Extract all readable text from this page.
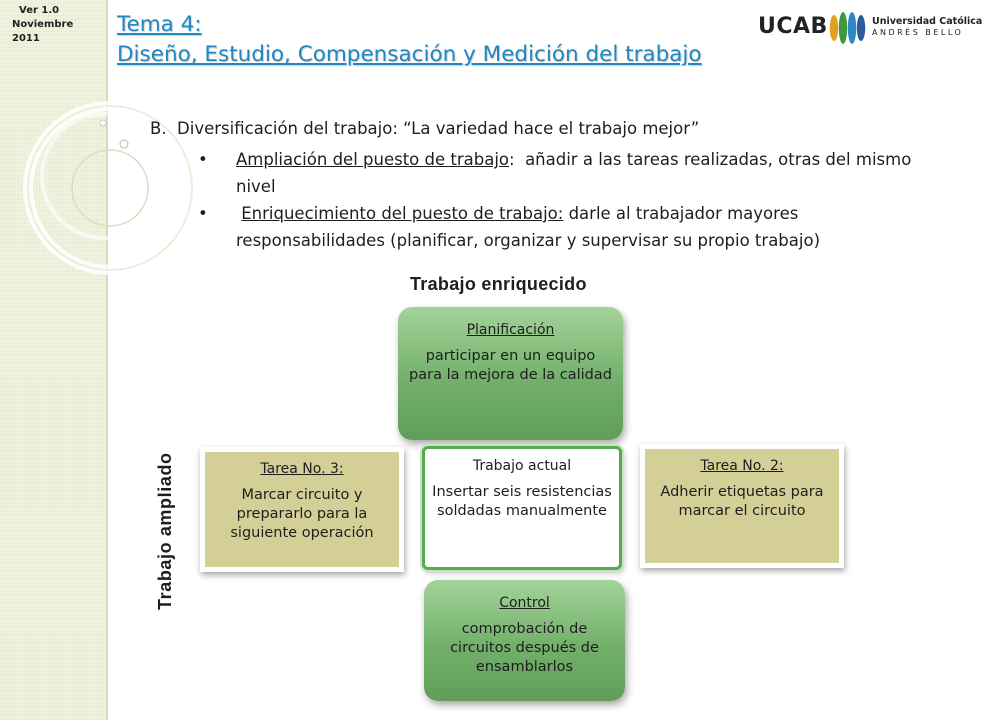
Ver 1.0
Noviembre
2011
Tema 4:
Diseño, Estudio, Compensación y Medición del trabajo
UCAB	Universidad Católica
ANDRÉS BELLO
B.  Diversificación del trabajo: “La variedad hace el trabajo mejor”
• Ampliación del puesto de trabajo:  añadir a las tareas realizadas, otras del mismo nivel
• Enriquecimiento del puesto de trabajo: darle al trabajador mayores responsabilidades (planificar, organizar y supervisar su propio trabajo)
Trabajo enriquecido
Trabajo ampliado
Planificación
participar en un equipo para la mejora de la calidad
Tarea No. 3:
Marcar circuito y prepararlo para la siguiente operación
Trabajo actual
Insertar seis resistencias soldadas manualmente
Tarea No. 2:
Adherir etiquetas para marcar el circuito
Control
comprobación de circuitos después de ensamblarlos
